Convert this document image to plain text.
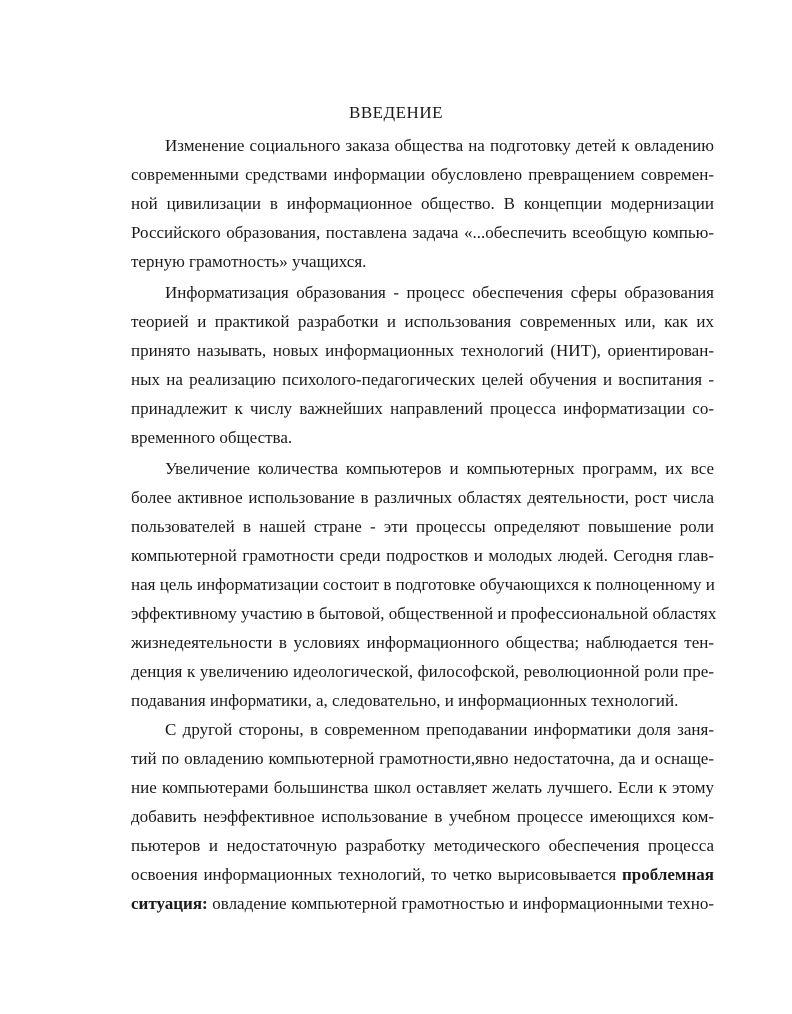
ВВЕДЕНИЕ
Изменение социального заказа общества на подготовку детей к овладению
современными средствами информации обусловлено превращением современ-
ной цивилизации в информационное общество. В концепции модернизации
Российского образования, поставлена задача «...обеспечить всеобщую компью-
терную грамотность» учащихся.
Информатизация образования - процесс обеспечения сферы образования
теорией и практикой разработки и использования современных или, как их
принято называть, новых информационных технологий (НИТ), ориентирован-
ных на реализацию психолого-педагогических целей обучения и воспитания -
принадлежит к числу важнейших направлений процесса информатизации со-
временного общества.
Увеличение количества компьютеров и компьютерных программ, их все
более активное использование в различных областях деятельности, рост числа
пользователей в нашей стране - эти процессы определяют повышение роли
компьютерной грамотности среди подростков и молодых людей. Сегодня глав-
ная цель информатизации состоит в подготовке обучающихся к полноценному и
эффективному участию в бытовой, общественной и профессиональной областях
жизнедеятельности в условиях информационного общества; наблюдается тен-
денция к увеличению идеологической, философской, революционной роли пре-
подавания информатики, а, следовательно, и информационных технологий.
С другой стороны, в современном преподавании информатики доля заня-
тий по овладению компьютерной грамотности,явно недостаточна, да и оснаще-
ние компьютерами большинства школ оставляет желать лучшего. Если к этому
добавить неэффективное использование в учебном процессе имеющихся ком-
пьютеров и недостаточную разработку методического обеспечения процесса
освоения информационных технологий, то четко вырисовывается проблемная
ситуация: овладение компьютерной грамотностью и информационными техно-
